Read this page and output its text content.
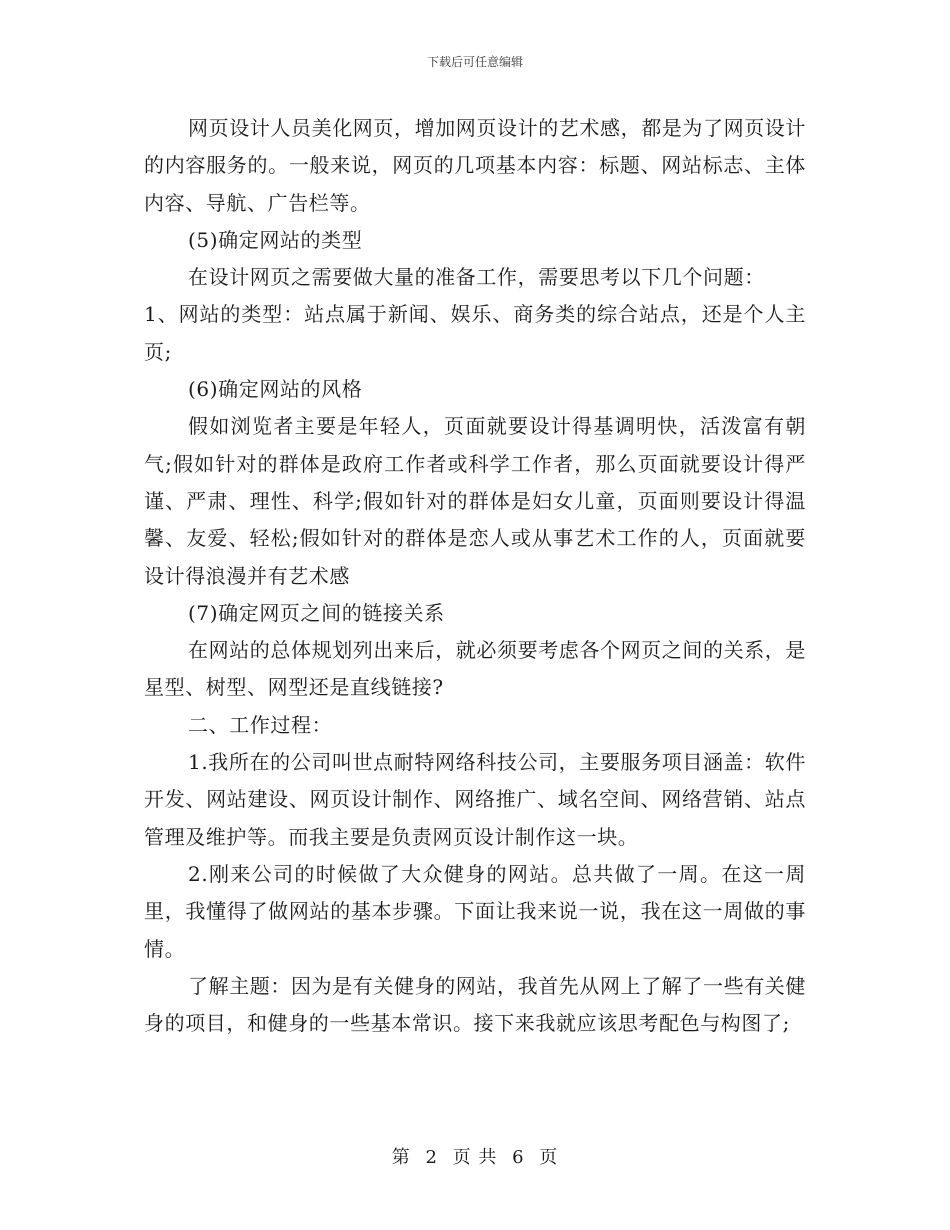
下载后可任意编辑

网页设计人员美化网页，增加网页设计的艺术感，都是为了网页设计的内容服务的。一般来说，网页的几项基本内容：标题、网站标志、主体内容、导航、广告栏等。

(5)确定网站的类型

在设计网页之需要做大量的准备工作，需要思考以下几个问题：

1、网站的类型：站点属于新闻、娱乐、商务类的综合站点，还是个人主页;

(6)确定网站的风格

假如浏览者主要是年轻人，页面就要设计得基调明快，活泼富有朝气;假如针对的群体是政府工作者或科学工作者，那么页面就要设计得严谨、严肃、理性、科学;假如针对的群体是妇女儿童，页面则要设计得温馨、友爱、轻松;假如针对的群体是恋人或从事艺术工作的人，页面就要设计得浪漫并有艺术感

(7)确定网页之间的链接关系

在网站的总体规划列出来后，就必须要考虑各个网页之间的关系，是星型、树型、网型还是直线链接?

二、工作过程：

1.我所在的公司叫世点耐特网络科技公司，主要服务项目涵盖：软件开发、网站建设、网页设计制作、网络推广、域名空间、网络营销、站点管理及维护等。而我主要是负责网页设计制作这一块。

2.刚来公司的时候做了大众健身的网站。总共做了一周。在这一周里，我懂得了做网站的基本步骤。下面让我来说一说，我在这一周做的事情。

了解主题：因为是有关健身的网站，我首先从网上了解了一些有关健身的项目，和健身的一些基本常识。接下来我就应该思考配色与构图了;

第 2 页 共 6 页
